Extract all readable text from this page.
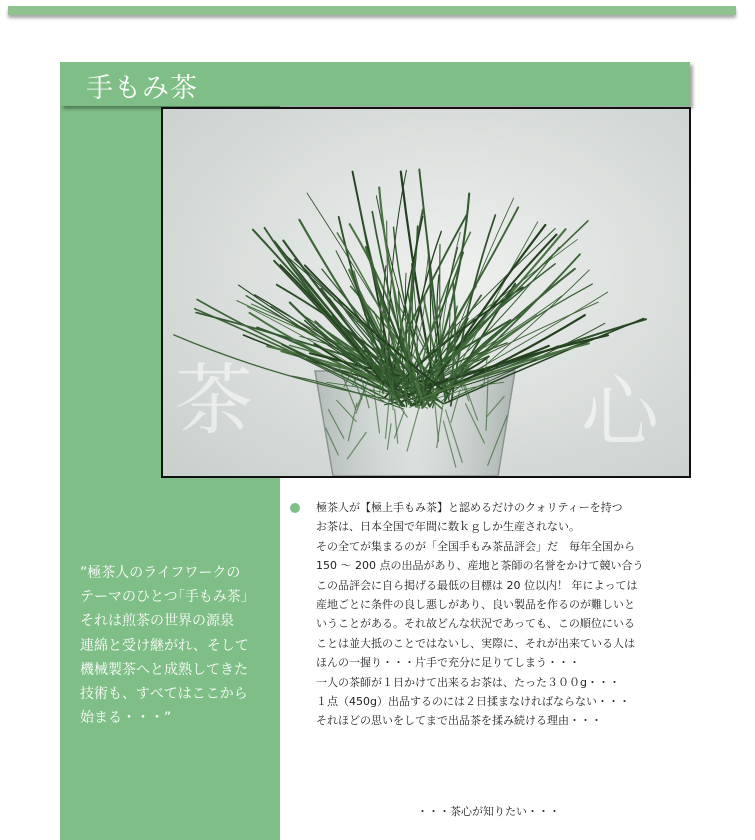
手もみ茶
茶	心
”極茶人のライフワークの
テーマのひとつ｢手もみ茶｣
それは煎茶の世界の源泉
連綿と受け継がれ、そして
機械製茶へと成熟してきた
技術も、すべてはここから
始まる・・・”
極茶人が【極上手もみ茶】と認めるだけのクォリティーを持つ
お茶は、日本全国で年間に数ｋｇしか生産されない。
その全てが集まるのが「全国手もみ茶品評会」だ　毎年全国から
150 ～ 200 点の出品があり、産地と茶師の名誉をかけて競い合う
この品評会に自ら掲げる最低の目標は 20 位以内！ 年によっては
産地ごとに条件の良し悪しがあり、良い製品を作るのが難しいと
いうことがある。それ故どんな状況であっても、この順位にいる
ことは並大抵のことではないし、実際に、それが出来ている人は
ほんの一握り・・・片手で充分に足りてしまう・・・
一人の茶師が１日かけて出来るお茶は、たった３００g・・・
１点（450g）出品するのには２日揉まなければならない・・・
それほどの思いをしてまで出品茶を揉み続ける理由・・・
・・・茶心が知りたい・・・
